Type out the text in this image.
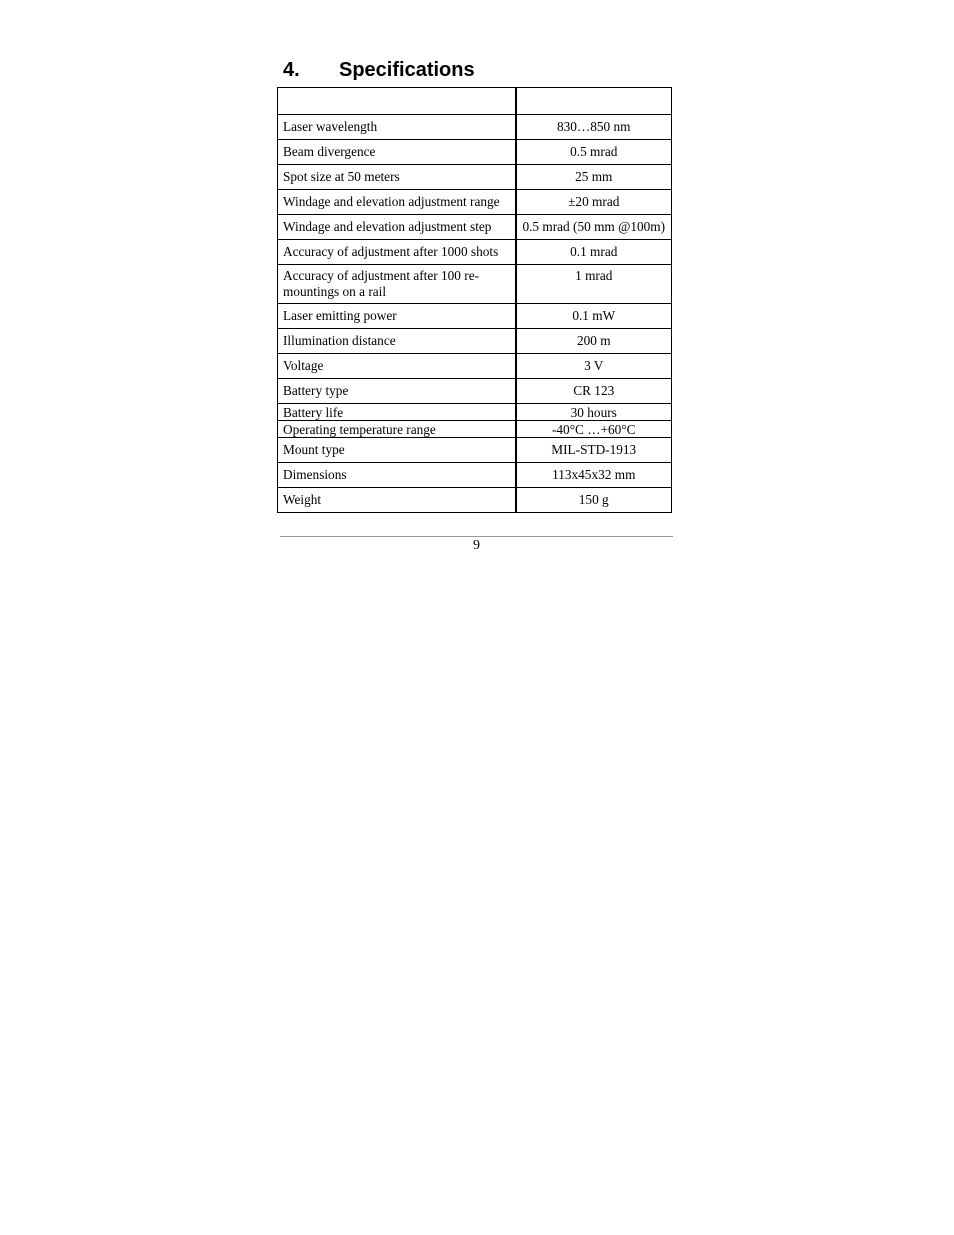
4. Specifications

Laser wavelength	830…850 nm
Beam divergence	0.5 mrad
Spot size at 50 meters	25 mm
Windage and elevation adjustment range	±20 mrad
Windage and elevation adjustment step	0.5 mrad (50 mm @100m)
Accuracy of adjustment after 1000 shots	0.1 mrad
Accuracy of adjustment after 100 re-mountings on a rail	1 mrad
Laser emitting power	0.1 mW
Illumination distance	200 m
Voltage	3 V
Battery type	CR 123
Battery life	30 hours
Operating temperature range	-40°C …+60°C
Mount type	MIL-STD-1913
Dimensions	113x45x32 mm
Weight	150 g
9
